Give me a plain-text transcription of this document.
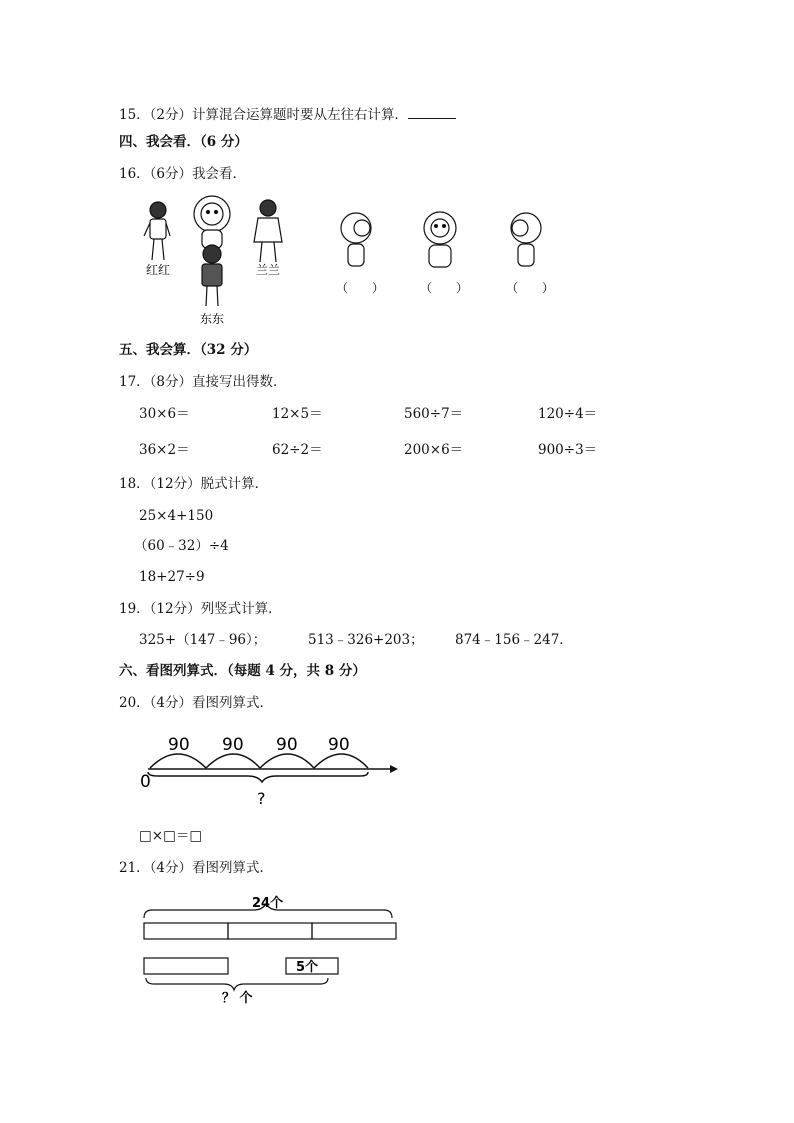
15．（2分）计算混合运算题时要从左往右计算．
四、我会看．（6 分）
16．（6分）我会看．
红红	兰兰
东东
（　　）	（　　）	（　　）
五、我会算．（32 分）
17．（8分）直接写出得数．
30×6＝	12×5＝	560÷7＝	120÷4＝
36×2＝	62÷2＝	200×6＝	900÷3＝
18．（12分）脱式计算．
25×4+150
（60﹣32）÷4
18+27÷9
19．（12分）列竖式计算．
325+（147﹣96）；	513﹣326+203； 874﹣156﹣247．
六、看图列算式．（每题 4 分，共 8 分）
20．（4分）看图列算式．
90 90 90 90
0
?
□×□＝□
21．（4分）看图列算式．
24个
5个
？ 个
